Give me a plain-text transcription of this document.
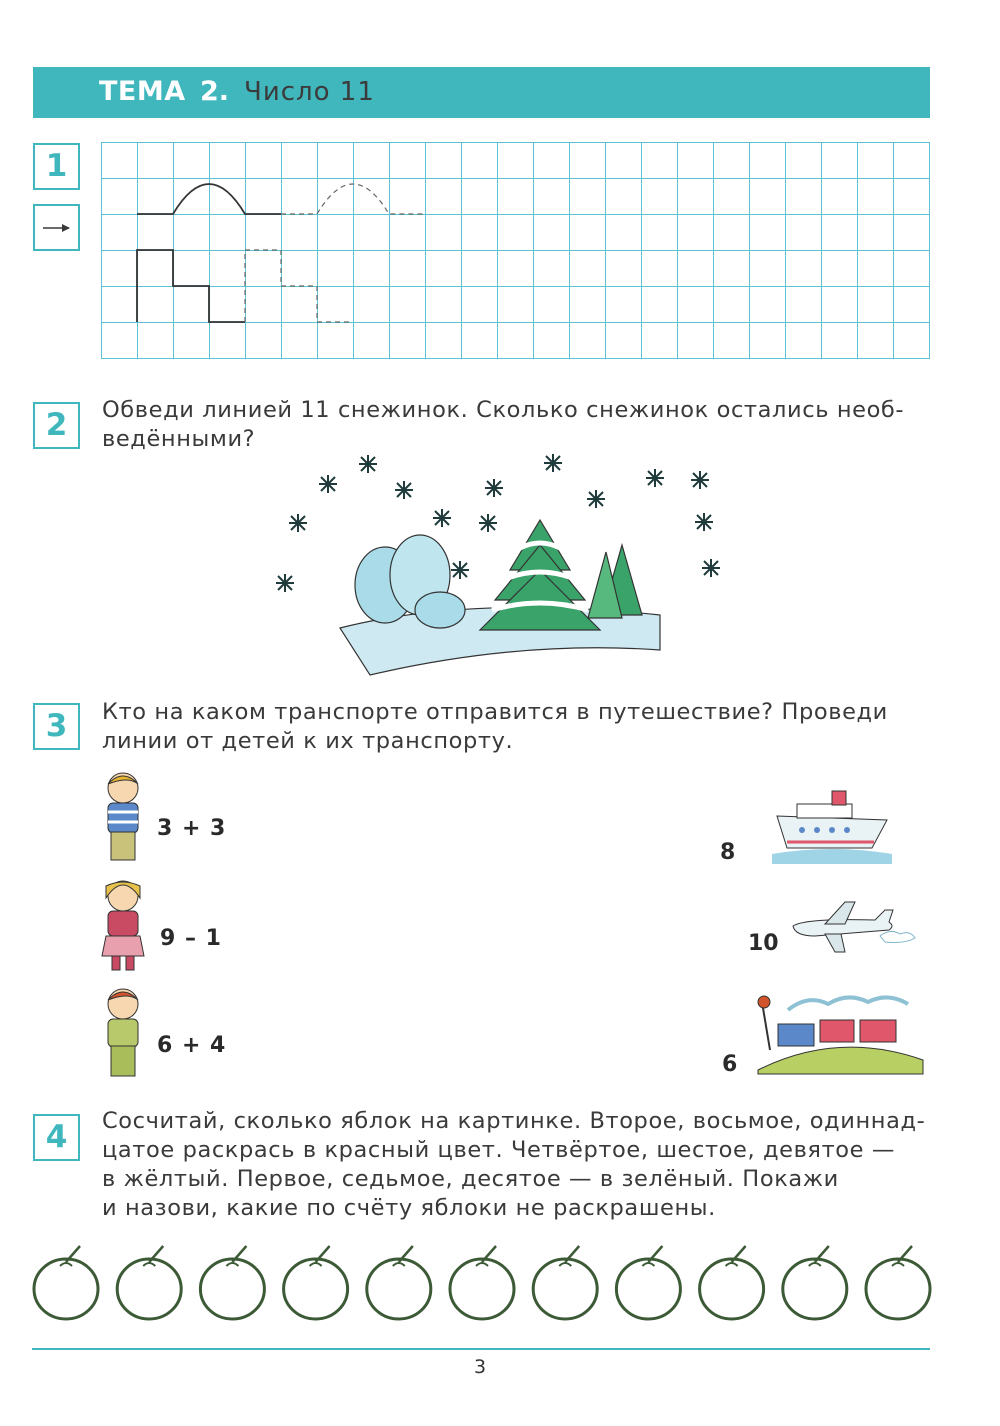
ТЕМА 2. Число 11
1
2	Обведи линией 11 снежинок. Сколько снежинок остались необ-
ведёнными?
3	Кто на каком транспорте отправится в путешествие? Проведи
линии от детей к их транспорту.
3 + 3
9 – 1
6 + 4
8
10
6
4	Сосчитай, сколько яблок на картинке. Второе, восьмое, одиннад-
цатое раскрась в красный цвет. Четвёртое, шестое, девятое —
в жёлтый. Первое, седьмое, десятое — в зелёный. Покажи
и назови, какие по счёту яблоки не раскрашены.
3
